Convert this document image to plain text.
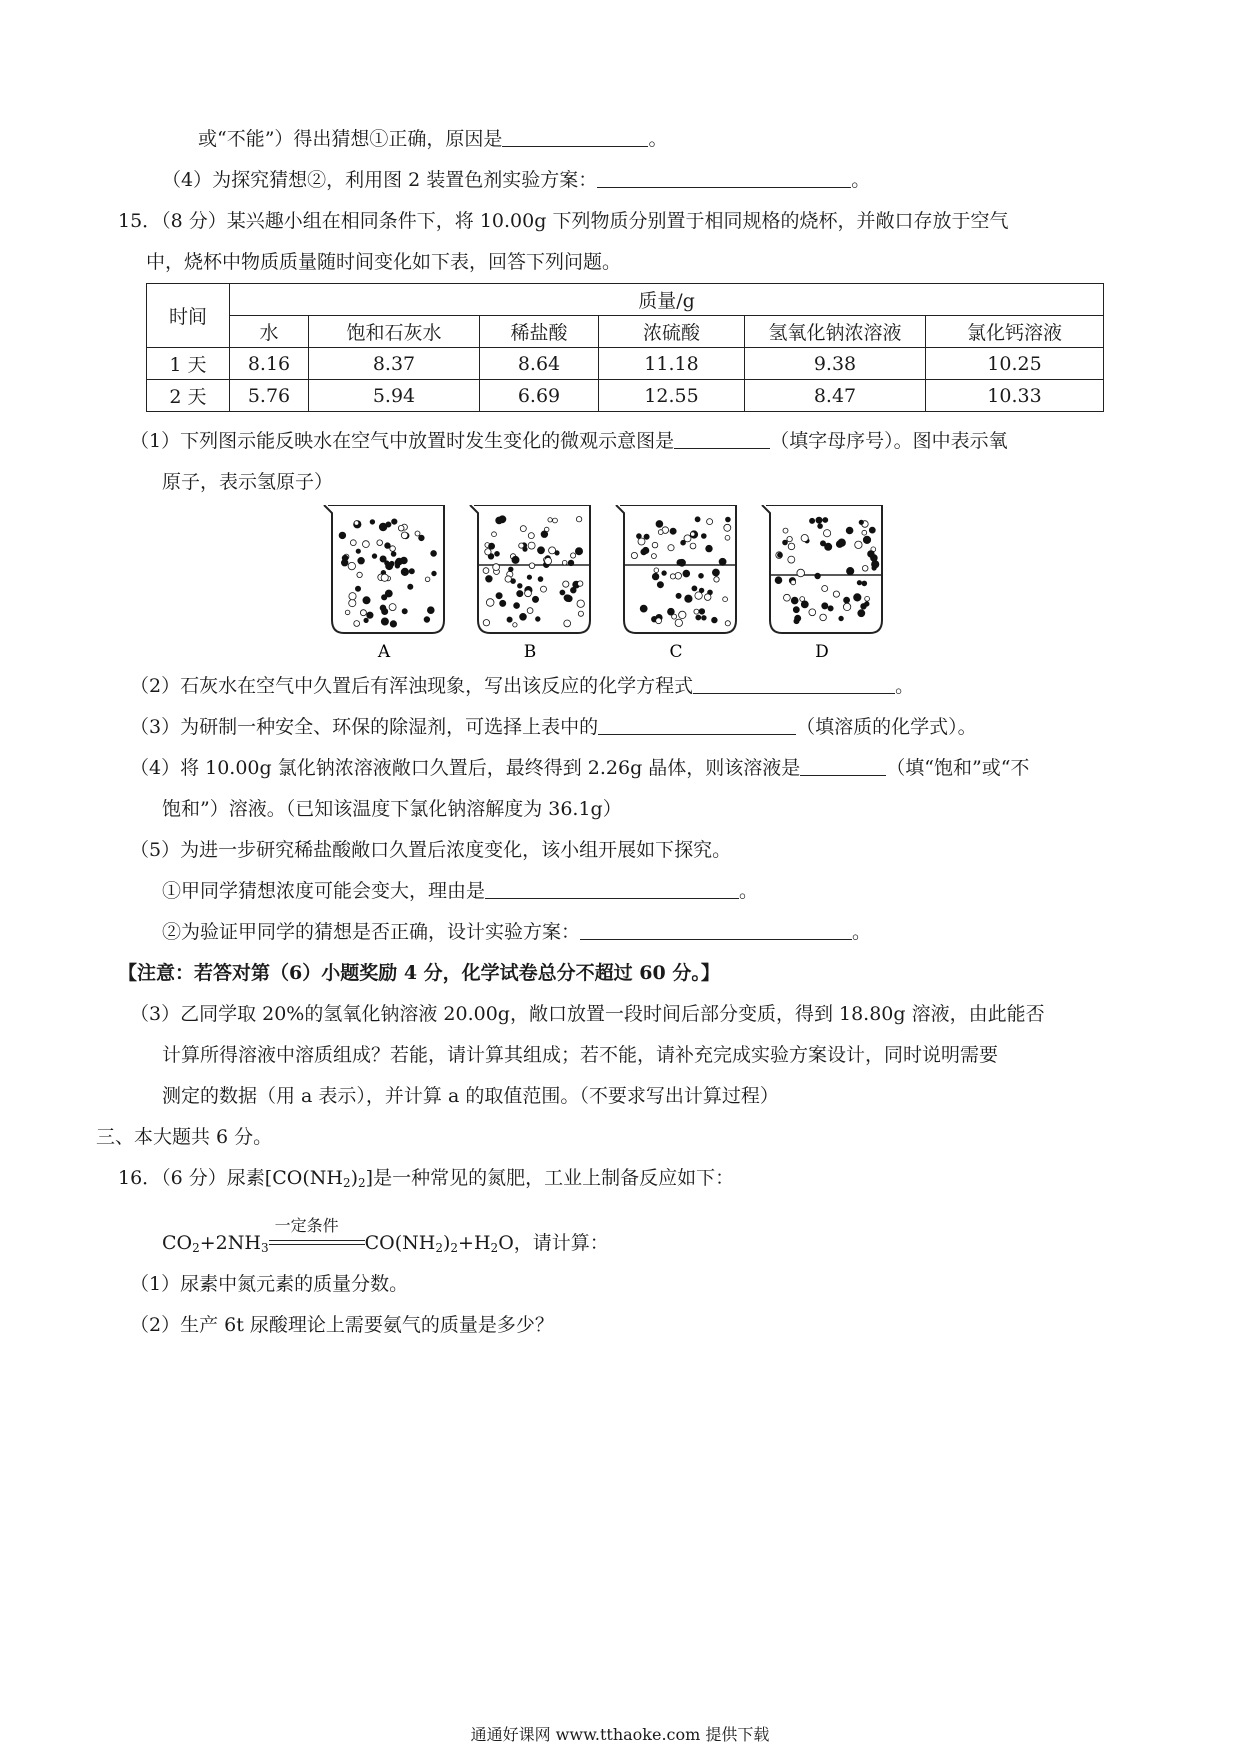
或“不能”）得出猜想①正确，原因是	。
（4）为探究猜想②，利用图 2 装置色剂实验方案：	。
15．（8 分）某兴趣小组在相同条件下，将 10.00g 下列物质分别置于相同规格的烧杯，并敞口存放于空气
中，烧杯中物质质量随时间变化如下表，回答下列问题。
时间	质量/g					
	水	饱和石灰水	稀盐酸	浓硫酸	氢氧化钠浓溶液	氯化钙溶液
1 天	8.16	8.37	8.64	11.18	9.38	10.25
2 天	5.76	5.94	6.69	12.55	8.47	10.33
（1）下列图示能反映水在空气中放置时发生变化的微观示意图是	（填字母序号）。图中表示氧
原子，表示氢原子）
A	B	C	D
（2）石灰水在空气中久置后有浑浊现象，写出该反应的化学方程式	。
（3）为研制一种安全、环保的除湿剂，可选择上表中的	（填溶质的化学式）。
（4）将 10.00g 氯化钠浓溶液敞口久置后，最终得到 2.26g 晶体，则该溶液是	（填“饱和”或“不
饱和”）溶液。（已知该温度下氯化钠溶解度为 36.1g）
（5）为进一步研究稀盐酸敞口久置后浓度变化，该小组开展如下探究。
①甲同学猜想浓度可能会变大，理由是	。
②为验证甲同学的猜想是否正确，设计实验方案：	。
【注意：若答对第（6）小题奖励 4 分，化学试卷总分不超过 60 分。】
（3）乙同学取 20%的氢氧化钠溶液 20.00g，敞口放置一段时间后部分变质，得到 18.80g 溶液，由此能否
计算所得溶液中溶质组成？若能，请计算其组成；若不能，请补充完成实验方案设计，同时说明需要
测定的数据（用 a 表示），并计算 a 的取值范围。（不要求写出计算过程）
三、本大题共 6 分。
16．（6 分）尿素$[CO(NH_2)_2]$是一种常见的氮肥，工业上制备反应如下：
$CO_2+2NH_3$
一定条件
$CO(NH_2)_2+H_2O$，请计算：
（1）尿素中氮元素的质量分数。
（2）生产 6t 尿酸理论上需要氨气的质量是多少？
通通好课网 www.tthaoke.com 提供下载
